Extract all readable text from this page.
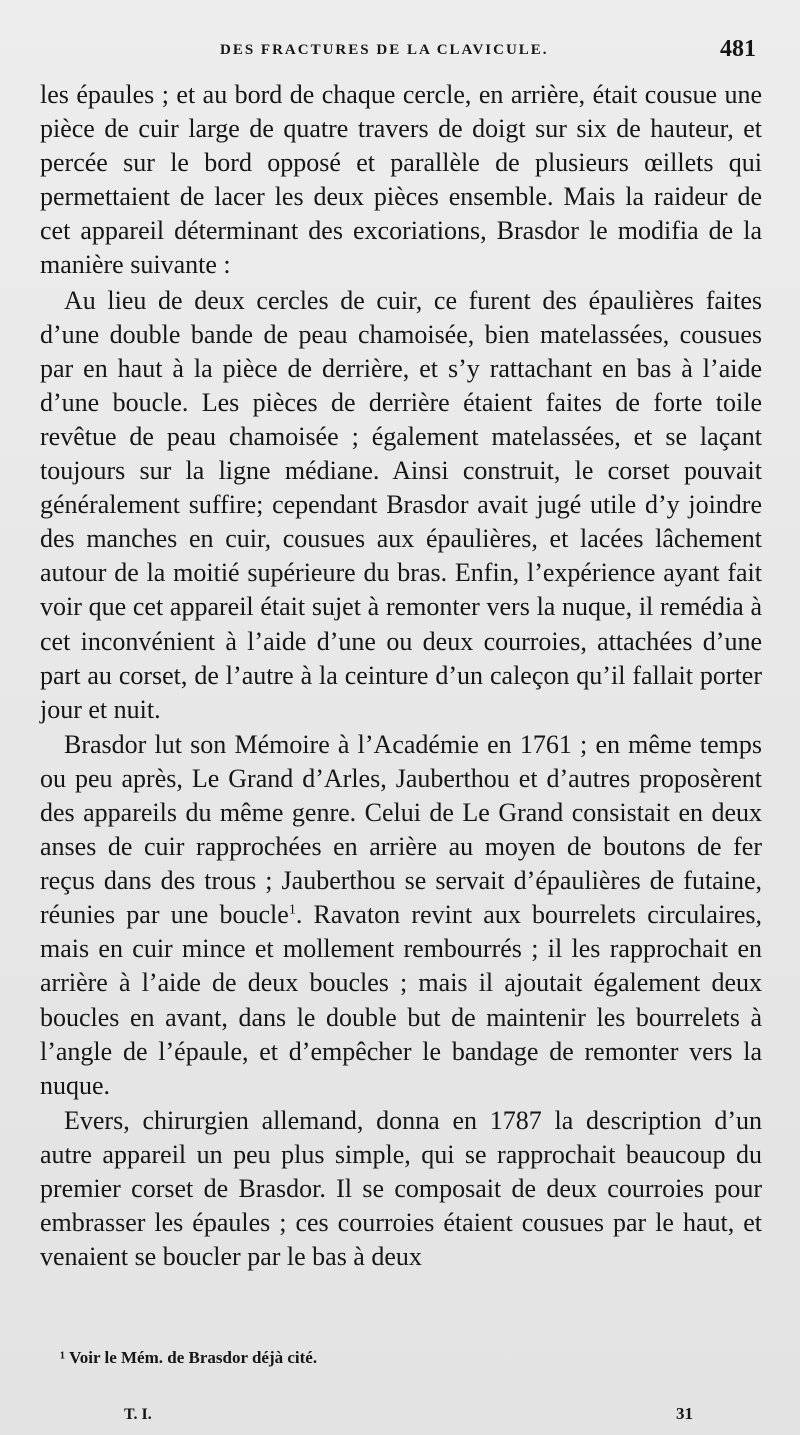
DES FRACTURES DE LA CLAVICULE.	481

les épaules ; et au bord de chaque cercle, en arrière, était cousue une pièce de cuir large de quatre travers de doigt sur six de hauteur, et percée sur le bord opposé et parallèle de plusieurs œillets qui permettaient de lacer les deux pièces ensemble. Mais la raideur de cet appareil déterminant des excoriations, Brasdor le modifia de la manière suivante :

Au lieu de deux cercles de cuir, ce furent des épaulières faites d’une double bande de peau chamoisée, bien matelassées, cousues par en haut à la pièce de derrière, et s’y rattachant en bas à l’aide d’une boucle. Les pièces de derrière étaient faites de forte toile revêtue de peau chamoisée ; également matelassées, et se laçant toujours sur la ligne médiane. Ainsi construit, le corset pouvait généralement suffire; cependant Brasdor avait jugé utile d’y joindre des manches en cuir, cousues aux épaulières, et lacées lâchement autour de la moitié supérieure du bras. Enfin, l’expérience ayant fait voir que cet appareil était sujet à remonter vers la nuque, il remédia à cet inconvénient à l’aide d’une ou deux courroies, attachées d’une part au corset, de l’autre à la ceinture d’un caleçon qu’il fallait porter jour et nuit.

Brasdor lut son Mémoire à l’Académie en 1761 ; en même temps ou peu après, Le Grand d’Arles, Jauberthou et d’autres proposèrent des appareils du même genre. Celui de Le Grand consistait en deux anses de cuir rapprochées en arrière au moyen de boutons de fer reçus dans des trous ; Jauberthou se servait d’épaulières de futaine, réunies par une boucle$^1$. Ravaton revint aux bourrelets circulaires, mais en cuir mince et mollement rembourrés ; il les rapprochait en arrière à l’aide de deux boucles ; mais il ajoutait également deux boucles en avant, dans le double but de maintenir les bourrelets à l’angle de l’épaule, et d’empêcher le bandage de remonter vers la nuque.

Evers, chirurgien allemand, donna en 1787 la description d’un autre appareil un peu plus simple, qui se rapprochait beaucoup du premier corset de Brasdor. Il se composait de deux courroies pour embrasser les épaules ; ces courroies étaient cousues par le haut, et venaient se boucler par le bas à deux

¹ Voir le Mém. de Brasdor déjà cité.
T. I.	31
